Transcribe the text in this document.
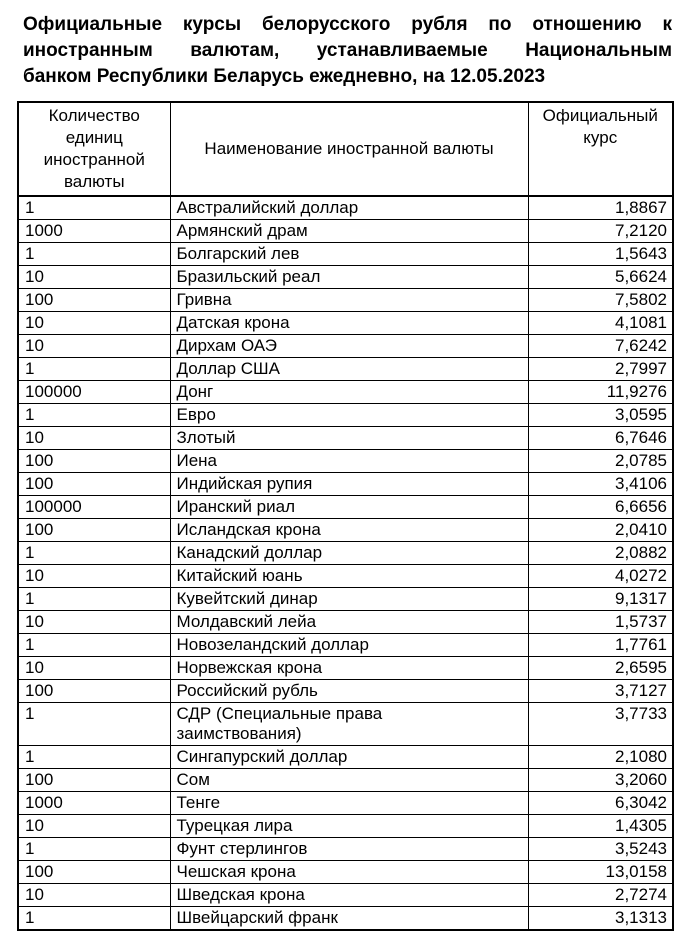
Официальные курсы белорусского рубля по отношению к
иностранным валютам, устанавливаемые Национальным
банком Республики Беларусь ежедневно, на 12.05.2023
Количество единиц иностранной валюты	Наименование иностранной валюты	Официальный курс
1	Австралийский доллар	1,8867
1000	Армянский драм	7,2120
1	Болгарский лев	1,5643
10	Бразильский реал	5,6624
100	Гривна	7,5802
10	Датская крона	4,1081
10	Дирхам ОАЭ	7,6242
1	Доллар США	2,7997
100000	Донг	11,9276
1	Евро	3,0595
10	Злотый	6,7646
100	Иена	2,0785
100	Индийская рупия	3,4106
100000	Иранский риал	6,6656
100	Исландская крона	2,0410
1	Канадский доллар	2,0882
10	Китайский юань	4,0272
1	Кувейтский динар	9,1317
10	Молдавский лейа	1,5737
1	Новозеландский доллар	1,7761
10	Норвежская крона	2,6595
100	Российский рубль	3,7127
1	СДР (Специальные права заимствования)	3,7733
1	Сингапурский доллар	2,1080
100	Сом	3,2060
1000	Тенге	6,3042
10	Турецкая лира	1,4305
1	Фунт стерлингов	3,5243
100	Чешская крона	13,0158
10	Шведская крона	2,7274
1	Швейцарский франк	3,1313
